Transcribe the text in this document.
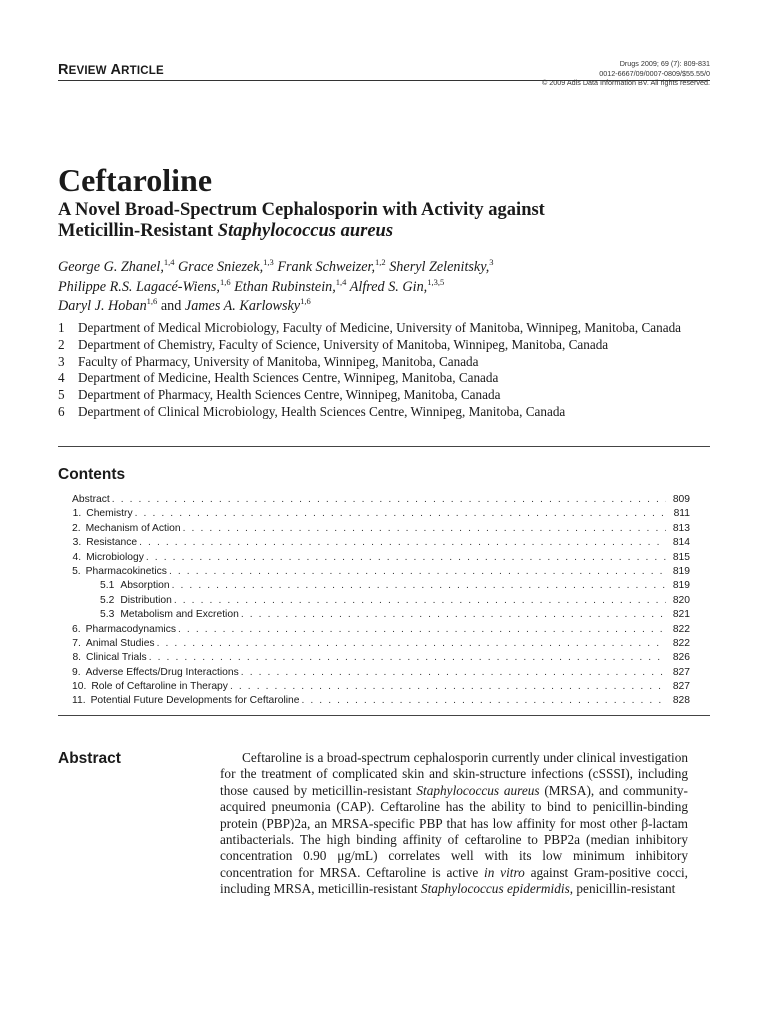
REVIEW ARTICLE
Drugs 2009; 69 (7): 809-831
0012-6667/09/0007-0809/$55.55/0
© 2009 Adis Data Information BV. All rights reserved.
Ceftaroline
A Novel Broad-Spectrum Cephalosporin with Activity against
Meticillin-Resistant Staphylococcus aureus
George G. Zhanel,$^{1,4}$ Grace Sniezek,$^{1,3}$ Frank Schweizer,$^{1,2}$ Sheryl Zelenitsky,$^3$
Philippe R.S. Lagacé-Wiens,$^{1,6}$ Ethan Rubinstein,$^{1,4}$ Alfred S. Gin,$^{1,3,5}$
Daryl J. Hoban$^{1,6}$ and James A. Karlowsky$^{1,6}$
1 Department of Medical Microbiology, Faculty of Medicine, University of Manitoba, Winnipeg, Manitoba, Canada
2 Department of Chemistry, Faculty of Science, University of Manitoba, Winnipeg, Manitoba, Canada
3 Faculty of Pharmacy, University of Manitoba, Winnipeg, Manitoba, Canada
4 Department of Medicine, Health Sciences Centre, Winnipeg, Manitoba, Canada
5 Department of Pharmacy, Health Sciences Centre, Winnipeg, Manitoba, Canada
6 Department of Clinical Microbiology, Health Sciences Centre, Winnipeg, Manitoba, Canada
Contents
Abstract . . .	809
1. Chemistry . . .	811
2. Mechanism of Action . . .	813
3. Resistance . . .	814
4. Microbiology . . .	815
5. Pharmacokinetics . . .	819
5.1 Absorption . . .	819
5.2 Distribution . . .	820
5.3 Metabolism and Excretion . . .	821
6. Pharmacodynamics . . .	822
7. Animal Studies . . .	822
8. Clinical Trials . . .	826
9. Adverse Effects/Drug Interactions . . .	827
10. Role of Ceftaroline in Therapy . . .	827
11. Potential Future Developments for Ceftaroline . . .	828
Abstract	Ceftaroline is a broad-spectrum cephalosporin currently under clinical investigation for the treatment of complicated skin and skin-structure infections (cSSSI), including those caused by meticillin-resistant Staphylococcus aureus (MRSA), and community-acquired pneumonia (CAP). Ceftaroline has the ability to bind to penicillin-binding protein (PBP)2a, an MRSA-specific PBP that has low affinity for most other β-lactam antibacterials. The high binding affinity of ceftaroline to PBP2a (median inhibitory concentration 0.90 μg/mL) correlates well with its low minimum inhibitory concentration for MRSA. Ceftaroline is active in vitro against Gram-positive cocci, including MRSA, meticillin-resistant Staphylococcus epidermidis, penicillin-resistant
